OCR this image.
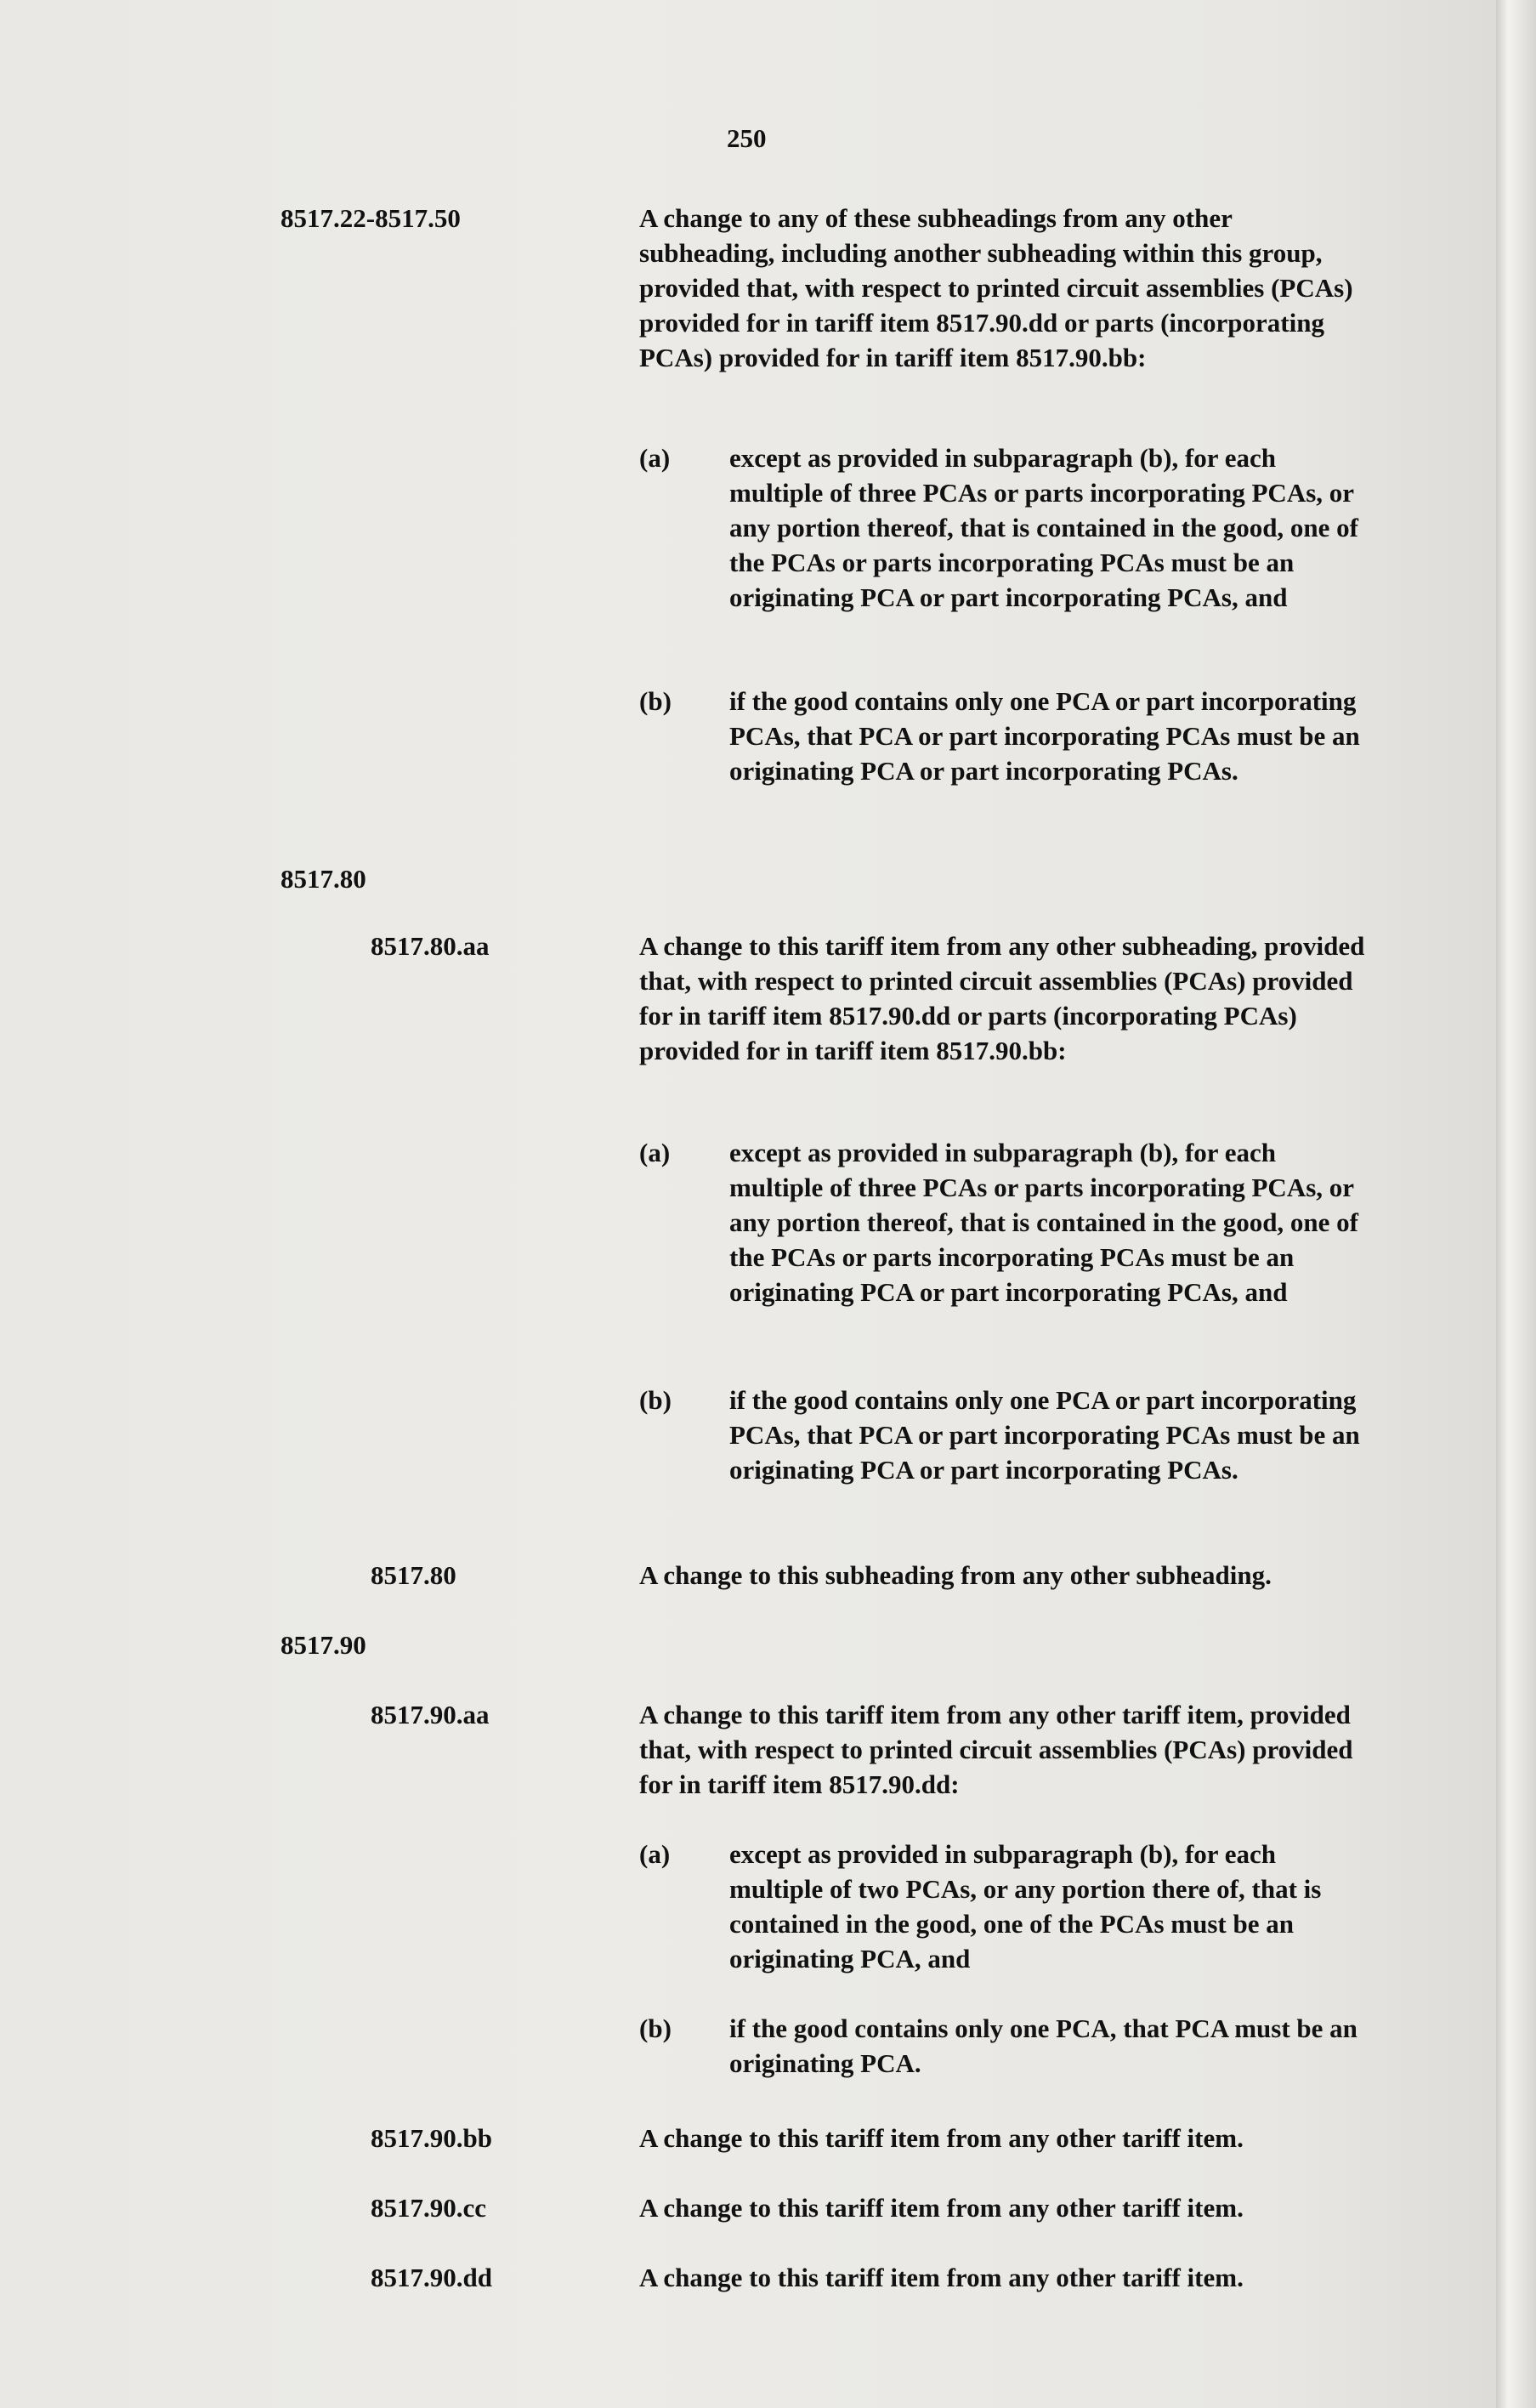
250
8517.22-8517.50	A change to any of these subheadings from any other subheading, including another subheading within this group, provided that, with respect to printed circuit assemblies (PCAs) provided for in tariff item 8517.90.dd or parts (incorporating PCAs) provided for in tariff item 8517.90.bb:
(a) except as provided in subparagraph (b), for each multiple of three PCAs or parts incorporating PCAs, or any portion thereof, that is contained in the good, one of the PCAs or parts incorporating PCAs must be an originating PCA or part incorporating PCAs, and
(b) if the good contains only one PCA or part incorporating PCAs, that PCA or part incorporating PCAs must be an originating PCA or part incorporating PCAs.
8517.80
8517.80.aa	A change to this tariff item from any other subheading, provided that, with respect to printed circuit assemblies (PCAs) provided for in tariff item 8517.90.dd or parts (incorporating PCAs) provided for in tariff item 8517.90.bb:
(a) except as provided in subparagraph (b), for each multiple of three PCAs or parts incorporating PCAs, or any portion thereof, that is contained in the good, one of the PCAs or parts incorporating PCAs must be an originating PCA or part incorporating PCAs, and
(b) if the good contains only one PCA or part incorporating PCAs, that PCA or part incorporating PCAs must be an originating PCA or part incorporating PCAs.
8517.80	A change to this subheading from any other subheading.
8517.90
8517.90.aa	A change to this tariff item from any other tariff item, provided that, with respect to printed circuit assemblies (PCAs) provided for in tariff item 8517.90.dd:
(a) except as provided in subparagraph (b), for each multiple of two PCAs, or any portion there of, that is contained in the good, one of the PCAs must be an originating PCA, and
(b) if the good contains only one PCA, that PCA must be an originating PCA.
8517.90.bb	A change to this tariff item from any other tariff item.
8517.90.cc	A change to this tariff item from any other tariff item.
8517.90.dd	A change to this tariff item from any other tariff item.
